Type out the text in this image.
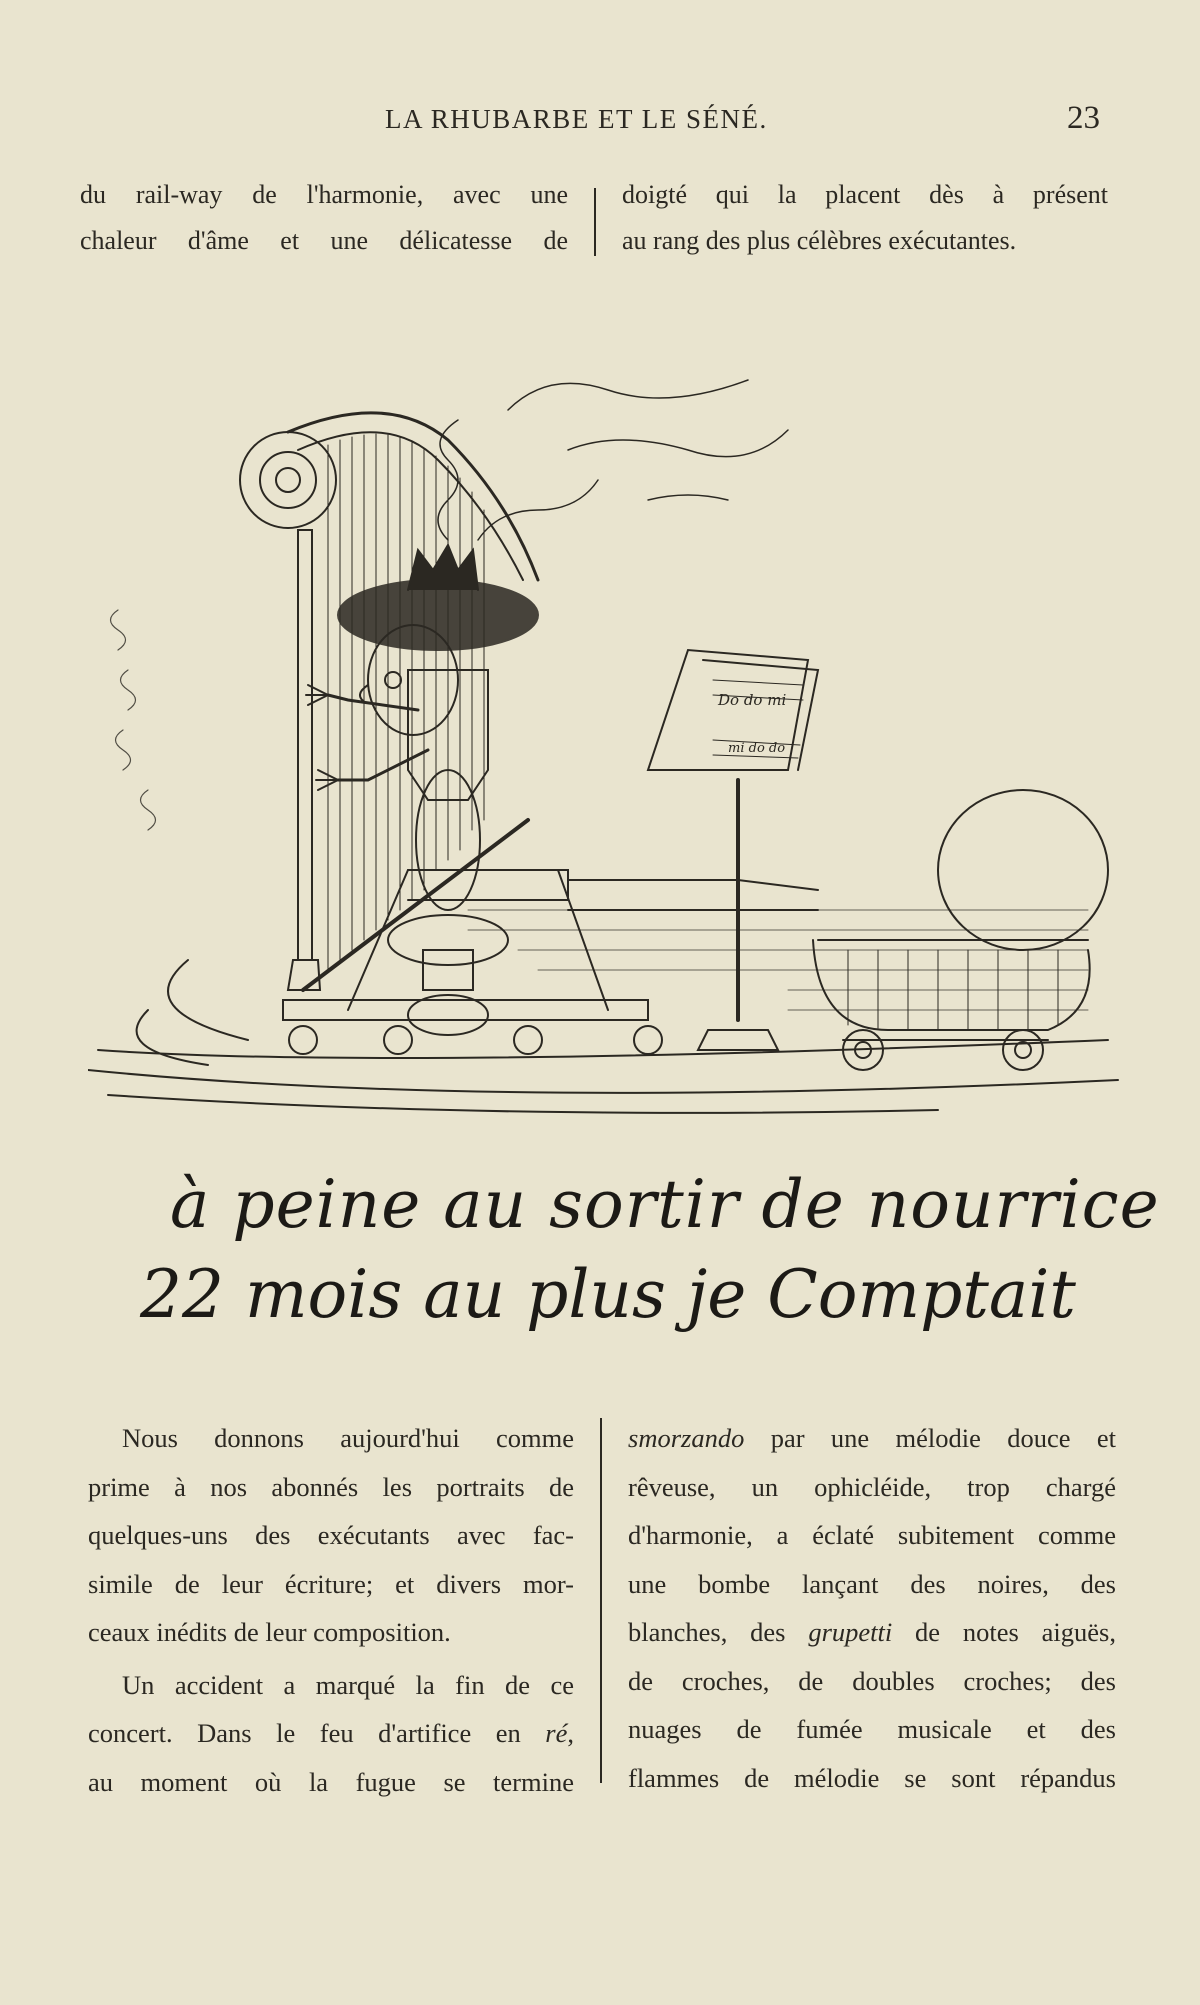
LA RHUBARBE ET LE SÉNÉ.	23
du rail-way de l'harmonie, avec une
chaleur d'âme et une délicatesse de
doigté qui la placent dès à présent
au rang des plus célèbres exécutantes.
Do do mi
mi do do
à peine au sortir de nourrice
22 mois au plus je Comptait
Nous donnons aujourd'hui comme
prime à nos abonnés les portraits de
quelques-uns des exécutants avec fac-
simile de leur écriture; et divers mor-
ceaux inédits de leur composition.
Un accident a marqué la fin de ce
concert. Dans le feu d'artifice en ré,
au moment où la fugue se termine
smorzando par une mélodie douce et
rêveuse, un ophicléide, trop chargé
d'harmonie, a éclaté subitement comme
une bombe lançant des noires, des
blanches, des grupetti de notes aiguës,
de croches, de doubles croches; des
nuages de fumée musicale et des
flammes de mélodie se sont répandus
